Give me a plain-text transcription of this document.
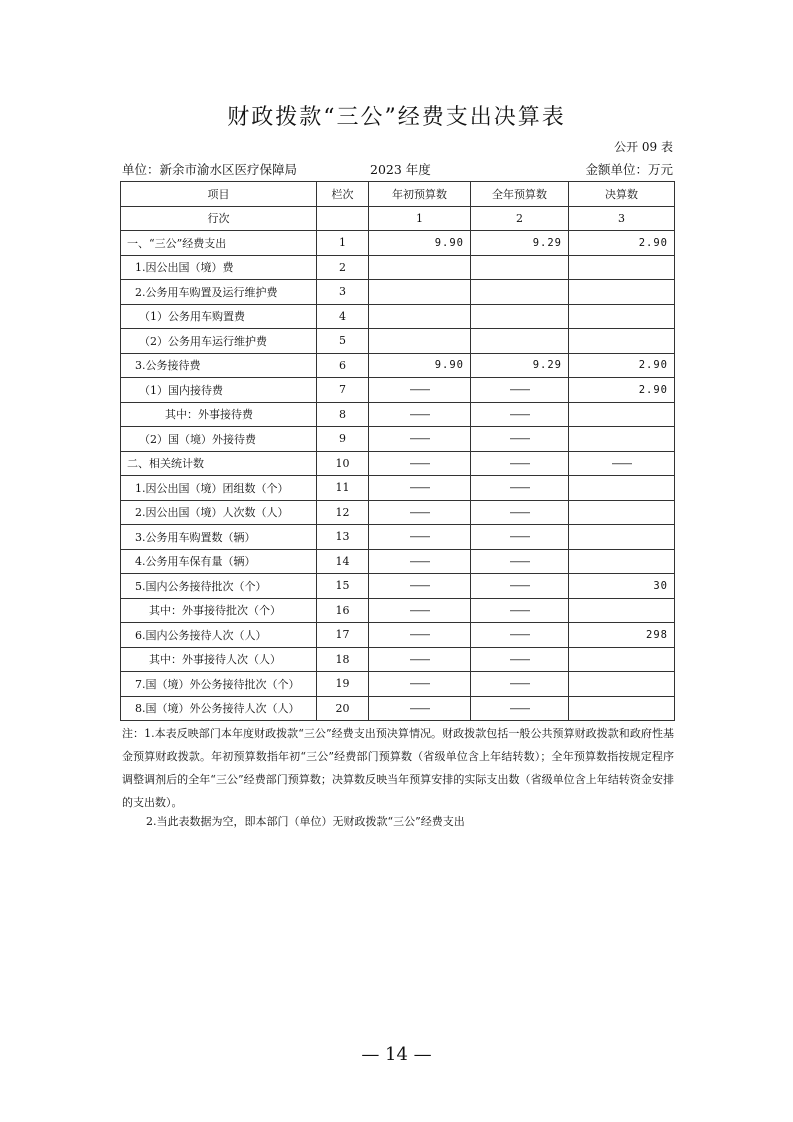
财政拨款“三公”经费支出决算表
公开 09 表
单位：新余市渝水区医疗保障局	2023 年度	金额单位：万元
项目	栏次	年初预算数	全年预算数	决算数
行次		1	2	3
一、“三公”经费支出	1	9.90	9.29	2.90
1.因公出国（境）费	2			
2.公务用车购置及运行维护费	3			
（1）公务用车购置费	4			
（2）公务用车运行维护费	5			
3.公务接待费	6	9.90	9.29	2.90
（1）国内接待费	7	——	——	2.90
其中：外事接待费	8	——	——	
（2）国（境）外接待费	9	——	——	
二、相关统计数	10	——	——	——
1.因公出国（境）团组数（个）	11	——	——	
2.因公出国（境）人次数（人）	12	——	——	
3.公务用车购置数（辆）	13	——	——	
4.公务用车保有量（辆）	14	——	——	
5.国内公务接待批次（个）	15	——	——	30
其中：外事接待批次（个）	16	——	——	
6.国内公务接待人次（人）	17	——	——	298
其中：外事接待人次（人）	18	——	——	
7.国（境）外公务接待批次（个）	19	——	——	
8.国（境）外公务接待人次（人）	20	——	——	
注：1.本表反映部门本年度财政拨款“三公”经费支出预决算情况。财政拨款包括一般公共预算财政拨款和政府性基金预算财政拨款。年初预算数指年初“三公”经费部门预算数（省级单位含上年结转数）；全年预算数指按规定程序调整调剂后的全年“三公”经费部门预算数；决算数反映当年预算安排的实际支出数（省级单位含上年结转资金安排的支出数）。
2.当此表数据为空，即本部门（单位）无财政拨款“三公”经费支出
— 14 —
